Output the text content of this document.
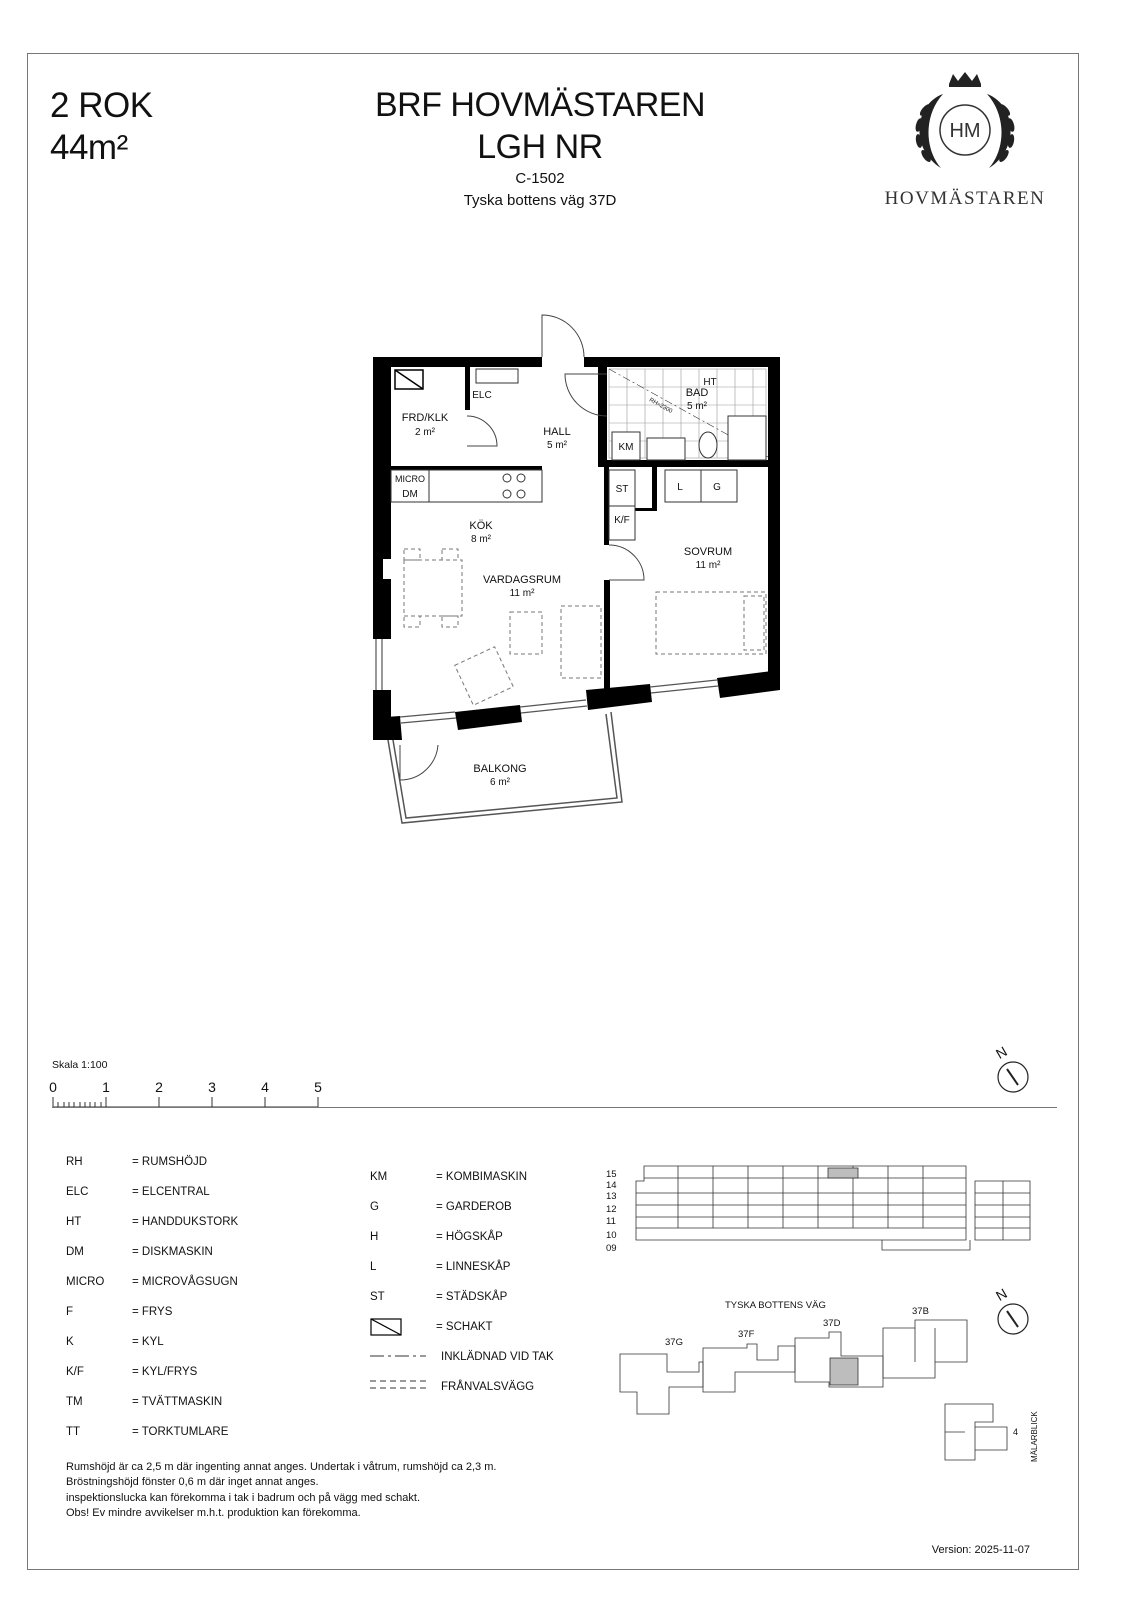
2 ROK
44m²
BRF HOVMÄSTAREN
LGH NR
C-1502
Tyska bottens väg 37D
HM
HOVMÄSTAREN
FRD/KLK
2 m²	HALL
5 m²
BAD
5 m²
KÖK
8 m²
VARDAGSRUM
11 m²
SOVRUM
11 m²
BALKONG
6 m²
ELC
HT
KM
MICRO
DM	ST
K/F
L	G
RH≈2300
Skala 1:100
0	1	2	3	4	5
N
RH	= RUMSHÖJD
ELC	= ELCENTRAL
HT	= HANDDUKSTORK
DM	= DISKMASKIN
MICRO = MICROVÅGSUGN
F	= FRYS
K	= KYL
K/F	= KYL/FRYS
TM	= TVÄTTMASKIN
TT	= TORKTUMLARE
KM	= KOMBIMASKIN
G	= GARDEROB
H	= HÖGSKÅP
L	= LINNESKÅP
ST	= STÄDSKÅP
= SCHAKT
INKLÄDNAD VID TAK
FRÅNVALSVÄGG
15
14
13
12
11
10
09
TYSKA BOTTENS VÄG
37G
37F
37D
37B
4 MÄLARBLICK
N
Rumshöjd är ca 2,5 m där ingenting annat anges. Undertak i våtrum, rumshöjd ca 2,3 m.
Bröstningshöjd fönster 0,6 m där inget annat anges.
inspektionslucka kan förekomma i tak i badrum och på vägg med schakt.
Obs! Ev mindre avvikelser m.h.t. produktion kan förekomma.
Version: 2025-11-07
